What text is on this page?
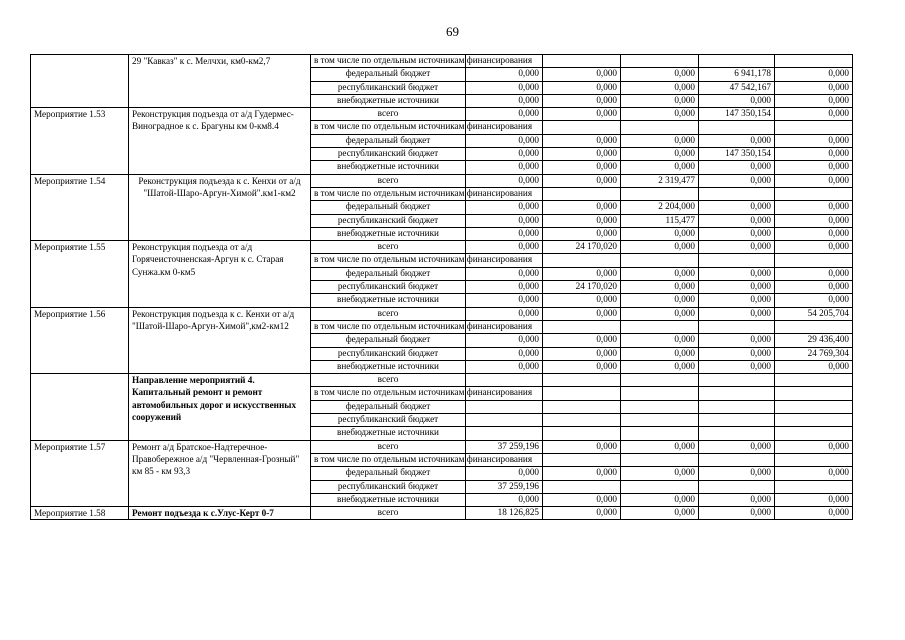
69
	29 "Кавказ" к с. Мелчхи, км0-км2,7	в том числе по отдельным источникам финансирования					
		федеральный бюджет	0,000	0,000	0,000	6 941,178	0,000
		республиканский бюджет	0,000	0,000	0,000	47 542,167	0,000
		внебюджетные источники	0,000	0,000	0,000	0,000	0,000
Мероприятие 1.53	Реконструкция подъезда от а/д Гудермес-Виноградное к с. Брагуны км 0-км8.4	всего	0,000	0,000	0,000	147 350,154	0,000
		в том числе по отдельным источникам финансирования					
		федеральный бюджет	0,000	0,000	0,000	0,000	0,000
		республиканский бюджет	0,000	0,000	0,000	147 350,154	0,000
		внебюджетные источники	0,000	0,000	0,000	0,000	0,000
Мероприятие 1.54	Реконструкция подъезда к с. Кенхи от а/д "Шатой-Шаро-Аргун-Химой".км1-км2	всего	0,000	0,000	2 319,477	0,000	0,000
		в том числе по отдельным источникам финансирования					
		федеральный бюджет	0,000	0,000	2 204,000	0,000	0,000
		республиканский бюджет	0,000	0,000	115,477	0,000	0,000
		внебюджетные источники	0,000	0,000	0,000	0,000	0,000
Мероприятие 1.55	Реконструкция подъезда от а/д Горячеисточненская-Аргун к с. Старая Сунжа.км 0-км5	всего	0,000	24 170,020	0,000	0,000	0,000
		в том числе по отдельным источникам финансирования					
		федеральный бюджет	0,000	0,000	0,000	0,000	0,000
		республиканский бюджет	0,000	24 170,020	0,000	0,000	0,000
		внебюджетные источники	0,000	0,000	0,000	0,000	0,000
Мероприятие 1.56	Реконструкция подъезда к с. Кенхи от а/д "Шатой-Шаро-Аргун-Химой",км2-км12	всего	0,000	0,000	0,000	0,000	54 205,704
		в том числе по отдельным источникам финансирования					
		федеральный бюджет	0,000	0,000	0,000	0,000	29 436,400
		республиканский бюджет	0,000	0,000	0,000	0,000	24 769,304
		внебюджетные источники	0,000	0,000	0,000	0,000	0,000
	Направление мероприятий 4. Капитальный ремонт и ремонт автомобильных дорог и искусственных сооружений	всего					
		в том числе по отдельным источникам финансирования					
		федеральный бюджет					
		республиканский бюджет					
		внебюджетные источники					
Мероприятие 1.57	Ремонт а/д Братское-Надтеречное-Правобережное а/д "Червленная-Грозный" км 85 - км 93,3	всего	37 259,196	0,000	0,000	0,000	0,000
		в том числе по отдельным источникам финансирования					
		федеральный бюджет	0,000	0,000	0,000	0,000	0,000
		республиканский бюджет	37 259,196				
		внебюджетные источники	0,000	0,000	0,000	0,000	0,000
Мероприятие 1.58	Ремонт подъезда к с.Улус-Керт 0-7	всего	18 126,825	0,000	0,000	0,000	0,000
